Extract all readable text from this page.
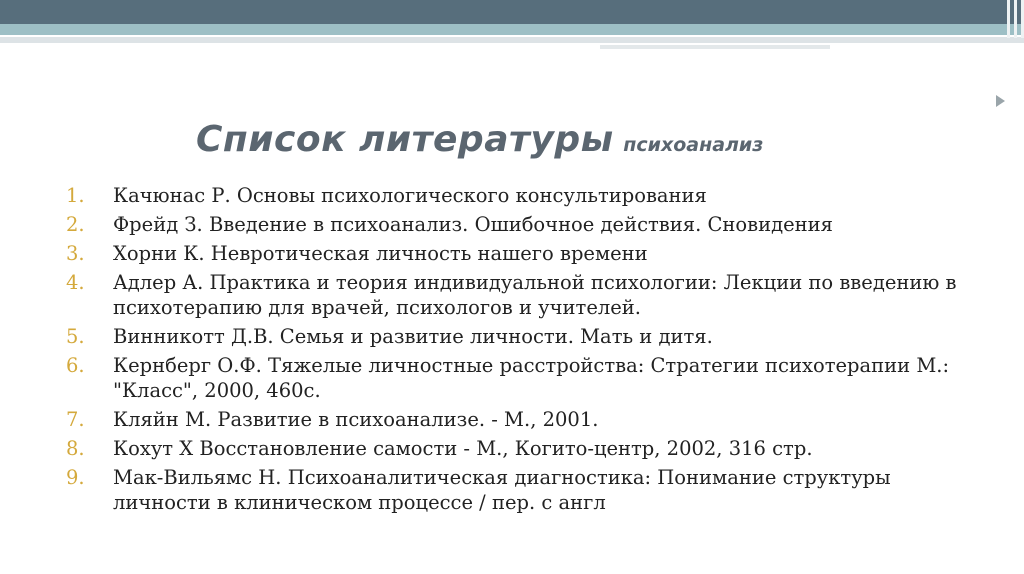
Список литературы психоанализ
1.	Качюнас Р. Основы психологического консультирования
2.	Фрейд З. Введение в психоанализ. Ошибочное действия. Сновидения
3.	Хорни К. Невротическая личность нашего времени
4.	Адлер А. Практика и теория индивидуальной психологии: Лекции по введению в психотерапию для врачей, психологов и учителей.
5.	Винникотт Д.В. Семья и развитие личности. Мать и дитя.
6.	Кернберг О.Ф. Тяжелые личностные расстройства: Стратегии психотерапии М.: "Класс", 2000, 460с.
7.	Кляйн М. Развитие в психоанализе. - М., 2001.
8.	Кохут Х Восстановление самости - М., Когито-центр, 2002, 316 стр.
9.	Мак-Вильямс Н. Психоаналитическая диагностика: Понимание структуры личности в клиническом процессе / пер. с англ
